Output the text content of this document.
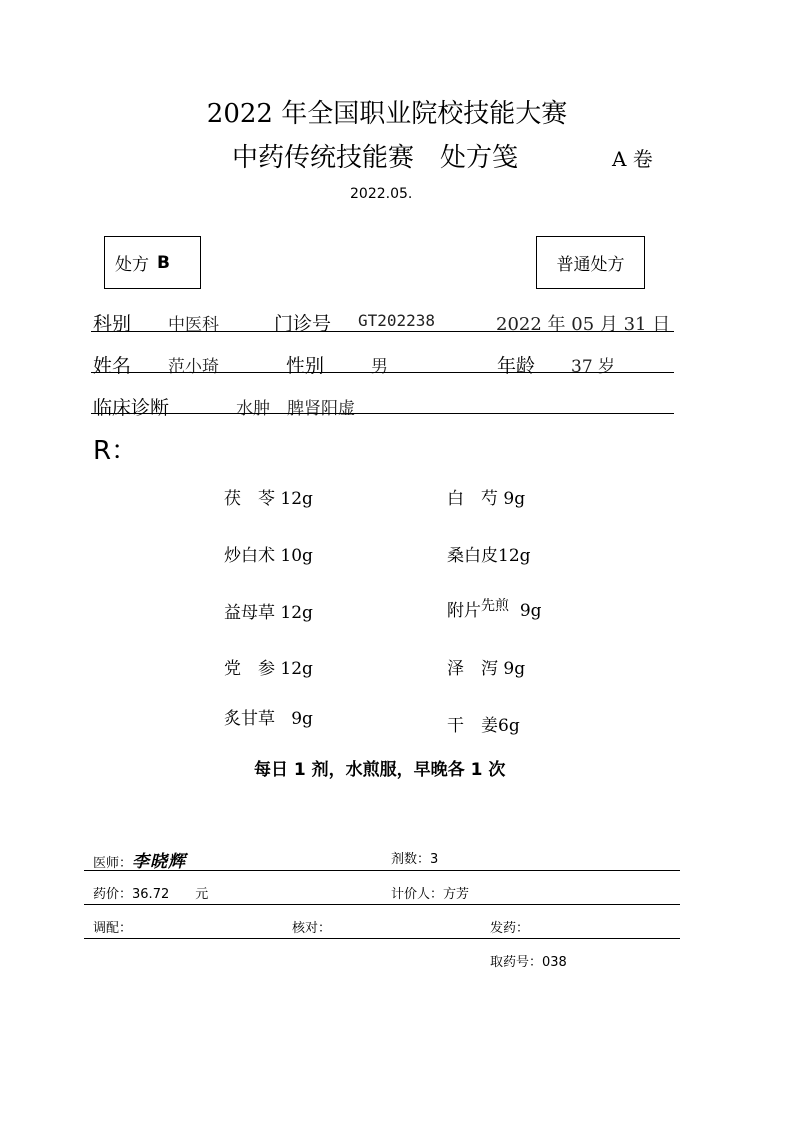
2022 年全国职业院校技能大赛
中药传统技能赛　处方笺	A 卷
2022.05.
处方 B	普通处方
科别 中医科	门诊号 GT202238	2022 年 05 月 31 日
姓名 范小琦	性别	男	年龄 37 岁
临床诊断	水肿　脾肾阳虚
R：
茯　苓 12g	白　芍 9g
炒白术 10g	桑白皮12g
益母草 12g	附片$^{先煎}$ 9g
党　参 12g	泽　泻 9g
炙甘草 9g	干　姜6g
每日 1 剂，水煎服，早晚各 1 次
医师：李晓辉	剂数：3
药价：36.72 元	计价人：方芳
调配：	核对：	发药：
取药号：038
